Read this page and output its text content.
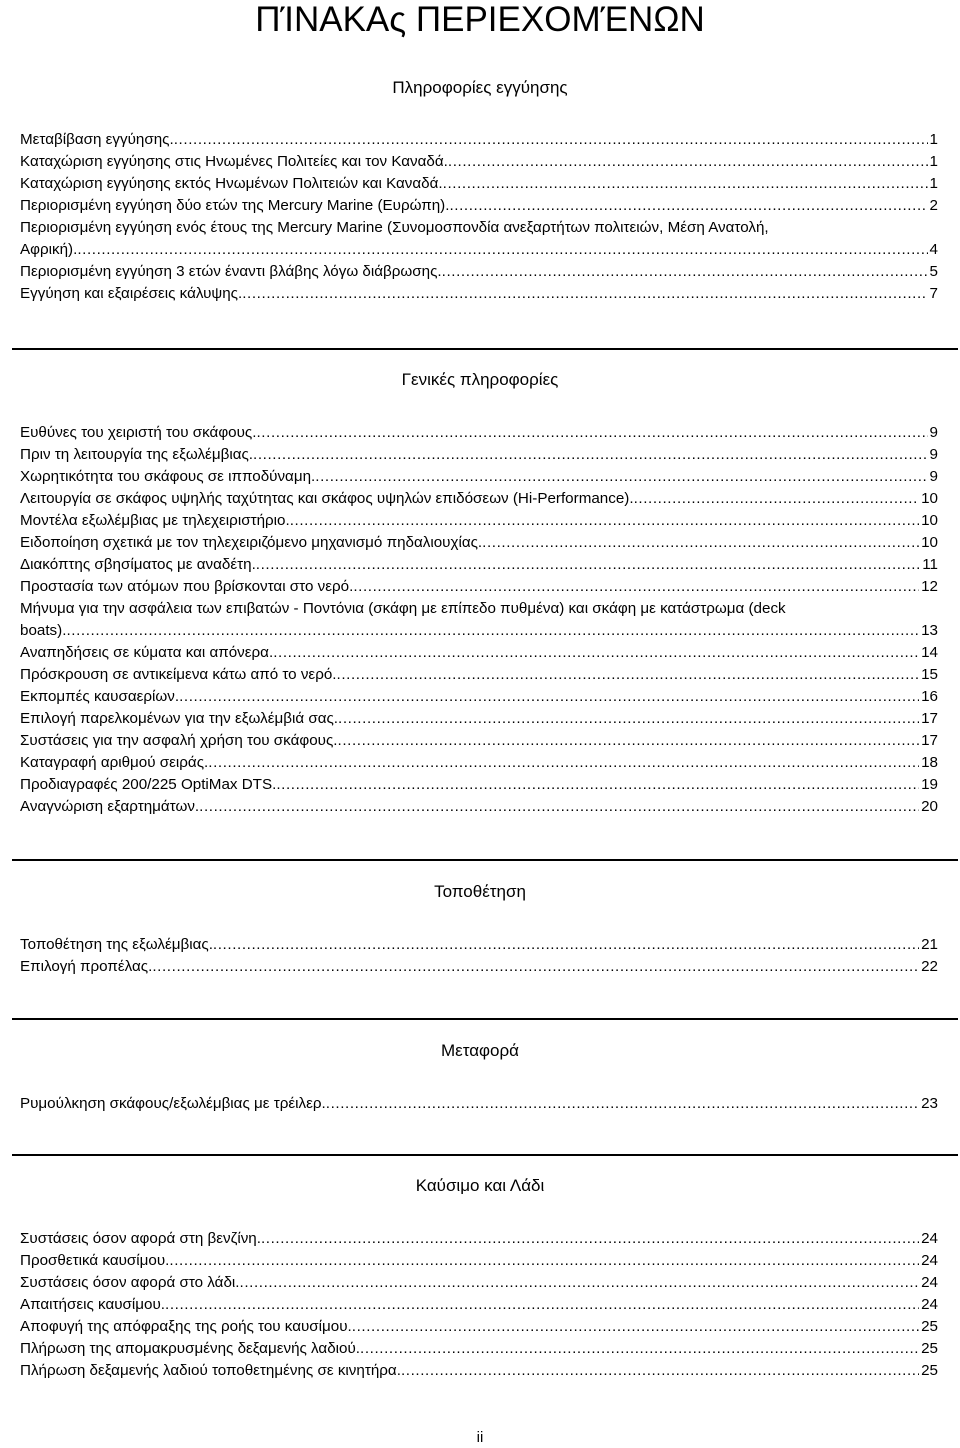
ΠΊΝΑΚΑς ΠΕΡΙΕΧΟΜΈΝΩΝ
Πληροφορίες εγγύησης
Μεταβίβαση εγγύησης. .....	1
Καταχώριση εγγύησης στις Ηνωμένες Πολιτείες και τον Καναδά. .....	1
Καταχώριση εγγύησης εκτός Ηνωμένων Πολιτειών και Καναδά. .....	1
Περιορισμένη εγγύηση δύο ετών της Mercury Marine (Ευρώπη). .....	2
Περιορισμένη εγγύηση ενός έτους της Mercury Marine (Συνομοσπονδία ανεξαρτήτων πολιτειών, Μέση Ανατολή,
Αφρική). .....	4
Περιορισμένη εγγύηση 3 ετών έναντι βλάβης λόγω διάβρωσης. .....	5
Εγγύηση και εξαιρέσεις κάλυψης. .....	7
Γενικές πληροφορίες
Ευθύνες του χειριστή του σκάφους. .....	9
Πριν τη λειτουργία της εξωλέμβιας. .....	9
Χωρητικότητα του σκάφους σε ιπποδύναμη. .....	9
Λειτουργία σε σκάφος υψηλής ταχύτητας και σκάφος υψηλών επιδόσεων (Hi-Performance). .....	10
Μοντέλα εξωλέμβιας με τηλεχειριστήριο. .....	10
Ειδοποίηση σχετικά με τον τηλεχειριζόμενο μηχανισμό πηδαλιουχίας. .....	10
Διακόπτης σβησίματος με αναδέτη. .....	11
Προστασία των ατόμων που βρίσκονται στο νερό. .....	12
Μήνυμα για την ασφάλεια των επιβατών - Ποντόνια (σκάφη με επίπεδο πυθμένα) και σκάφη με κατάστρωμα (deck
boats). .....	13
Αναπηδήσεις σε κύματα και απόνερα. .....	14
Πρόσκρουση σε αντικείμενα κάτω από το νερό. .....	15
Εκπομπές καυσαερίων. .....	16
Επιλογή παρελκομένων για την εξωλέμβιά σας. .....	17
Συστάσεις για την ασφαλή χρήση του σκάφους. .....	17
Καταγραφή αριθμού σειράς. .....	18
Προδιαγραφές 200/225 OptiMax DTS. .....	19
Αναγνώριση εξαρτημάτων. .....	20
Τοποθέτηση
Τοποθέτηση της εξωλέμβιας. .....	21
Επιλογή προπέλας. .....	22
Μεταφορά
Ρυμούλκηση σκάφους/εξωλέμβιας με τρέιλερ. .....	23
Καύσιμο και Λάδι
Συστάσεις όσον αφορά στη βενζίνη. .....	24
Προσθετικά καυσίμου. .....	24
Συστάσεις όσον αφορά στο λάδι. .....	24
Απαιτήσεις καυσίμου. .....	24
Αποφυγή της απόφραξης της ροής του καυσίμου. .....	25
Πλήρωση της απομακρυσμένης δεξαμενής λαδιού. .....	25
Πλήρωση δεξαμενής λαδιού τοποθετημένης σε κινητήρα. .....	25
ii
